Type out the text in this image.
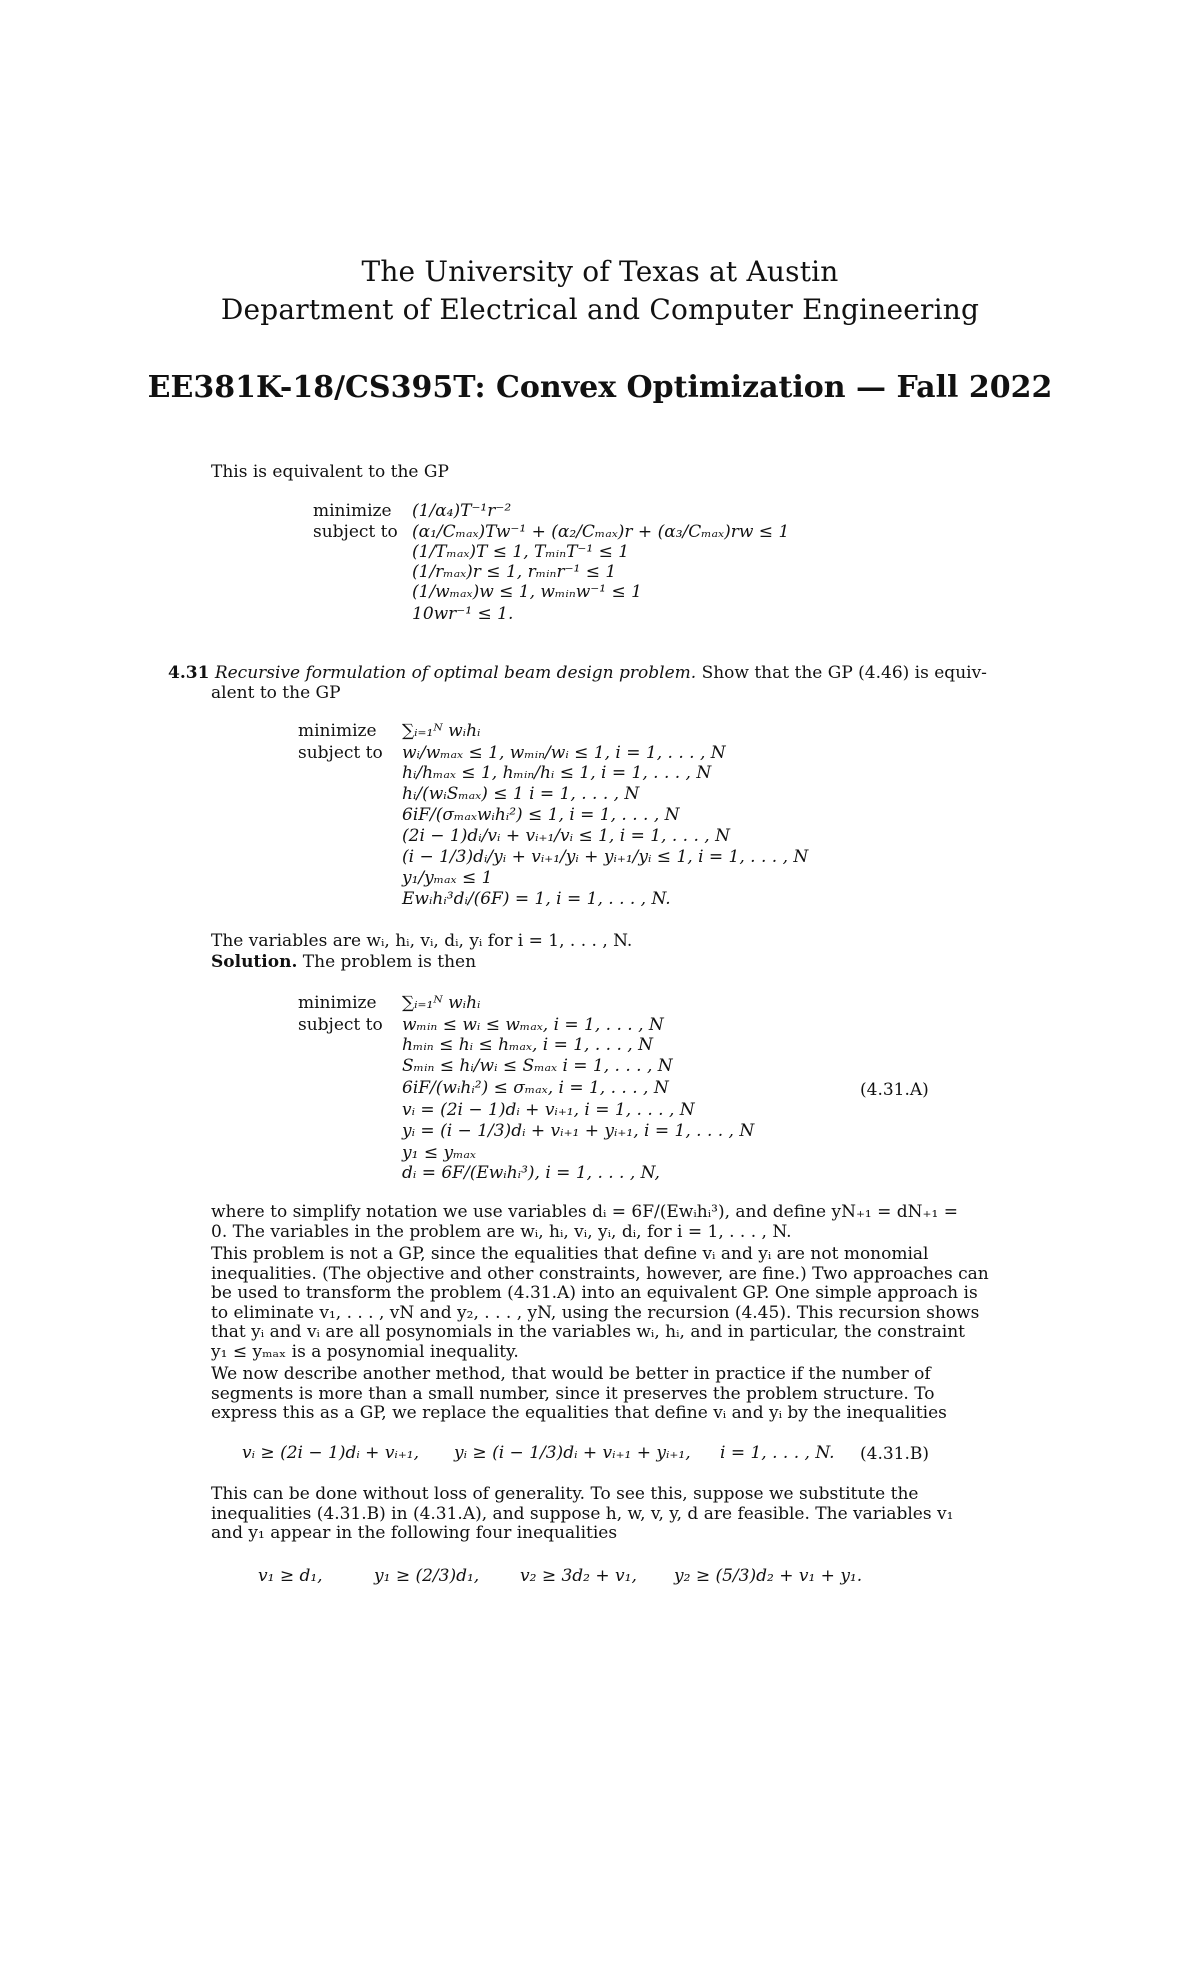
The University of Texas at Austin
Department of Electrical and Computer Engineering
EE381K-18/CS395T: Convex Optimization — Fall 2022
This is equivalent to the GP
minimize
subject to
(1/α₄)T⁻¹r⁻²
(α₁/Cₘₐₓ)Tw⁻¹ + (α₂/Cₘₐₓ)r + (α₃/Cₘₐₓ)rw ≤ 1
(1/Tₘₐₓ)T ≤ 1, TₘᵢₙT⁻¹ ≤ 1
(1/rₘₐₓ)r ≤ 1, rₘᵢₙr⁻¹ ≤ 1
(1/wₘₐₓ)w ≤ 1, wₘᵢₙw⁻¹ ≤ 1
10wr⁻¹ ≤ 1.
4.31 Recursive formulation of optimal beam design problem. Show that the GP (4.46) is equiv-
alent to the GP
minimize
subject to
∑ᵢ₌₁ᴺ wᵢhᵢ
wᵢ/wₘₐₓ ≤ 1, wₘᵢₙ/wᵢ ≤ 1, i = 1, . . . , N
hᵢ/hₘₐₓ ≤ 1, hₘᵢₙ/hᵢ ≤ 1, i = 1, . . . , N
hᵢ/(wᵢSₘₐₓ) ≤ 1 i = 1, . . . , N
6iF/(σₘₐₓwᵢhᵢ²) ≤ 1, i = 1, . . . , N
(2i − 1)dᵢ/vᵢ + vᵢ₊₁/vᵢ ≤ 1, i = 1, . . . , N
(i − 1/3)dᵢ/yᵢ + vᵢ₊₁/yᵢ + yᵢ₊₁/yᵢ ≤ 1, i = 1, . . . , N
y₁/yₘₐₓ ≤ 1
Ewᵢhᵢ³dᵢ/(6F) = 1, i = 1, . . . , N.
The variables are wᵢ, hᵢ, vᵢ, dᵢ, yᵢ for i = 1, . . . , N.
Solution. The problem is then
minimize
subject to
∑ᵢ₌₁ᴺ wᵢhᵢ
wₘᵢₙ ≤ wᵢ ≤ wₘₐₓ, i = 1, . . . , N
hₘᵢₙ ≤ hᵢ ≤ hₘₐₓ, i = 1, . . . , N
Sₘᵢₙ ≤ hᵢ/wᵢ ≤ Sₘₐₓ i = 1, . . . , N
6iF/(wᵢhᵢ²) ≤ σₘₐₓ, i = 1, . . . , N
vᵢ = (2i − 1)dᵢ + vᵢ₊₁, i = 1, . . . , N
yᵢ = (i − 1/3)dᵢ + vᵢ₊₁ + yᵢ₊₁, i = 1, . . . , N
y₁ ≤ yₘₐₓ
dᵢ = 6F/(Ewᵢhᵢ³), i = 1, . . . , N,
(4.31.A)
where to simplify notation we use variables dᵢ = 6F/(Ewᵢhᵢ³), and define yN₊₁ = dN₊₁ =
0. The variables in the problem are wᵢ, hᵢ, vᵢ, yᵢ, dᵢ, for i = 1, . . . , N.
This problem is not a GP, since the equalities that define vᵢ and yᵢ are not monomial
inequalities. (The objective and other constraints, however, are fine.) Two approaches can
be used to transform the problem (4.31.A) into an equivalent GP. One simple approach is
to eliminate v₁, . . . , vN and y₂, . . . , yN, using the recursion (4.45). This recursion shows
that yᵢ and vᵢ are all posynomials in the variables wᵢ, hᵢ, and in particular, the constraint
y₁ ≤ yₘₐₓ is a posynomial inequality.
We now describe another method, that would be better in practice if the number of
segments is more than a small number, since it preserves the problem structure. To
express this as a GP, we replace the equalities that define vᵢ and yᵢ by the inequalities
vᵢ ≥ (2i − 1)dᵢ + vᵢ₊₁, yᵢ ≥ (i − 1/3)dᵢ + vᵢ₊₁ + yᵢ₊₁, i = 1, . . . , N. (4.31.B)
This can be done without loss of generality. To see this, suppose we substitute the
inequalities (4.31.B) in (4.31.A), and suppose h, w, v, y, d are feasible. The variables v₁
and y₁ appear in the following four inequalities
v₁ ≥ d₁,	y₁ ≥ (2/3)d₁, v₂ ≥ 3d₂ + v₁, y₂ ≥ (5/3)d₂ + v₁ + y₁.
